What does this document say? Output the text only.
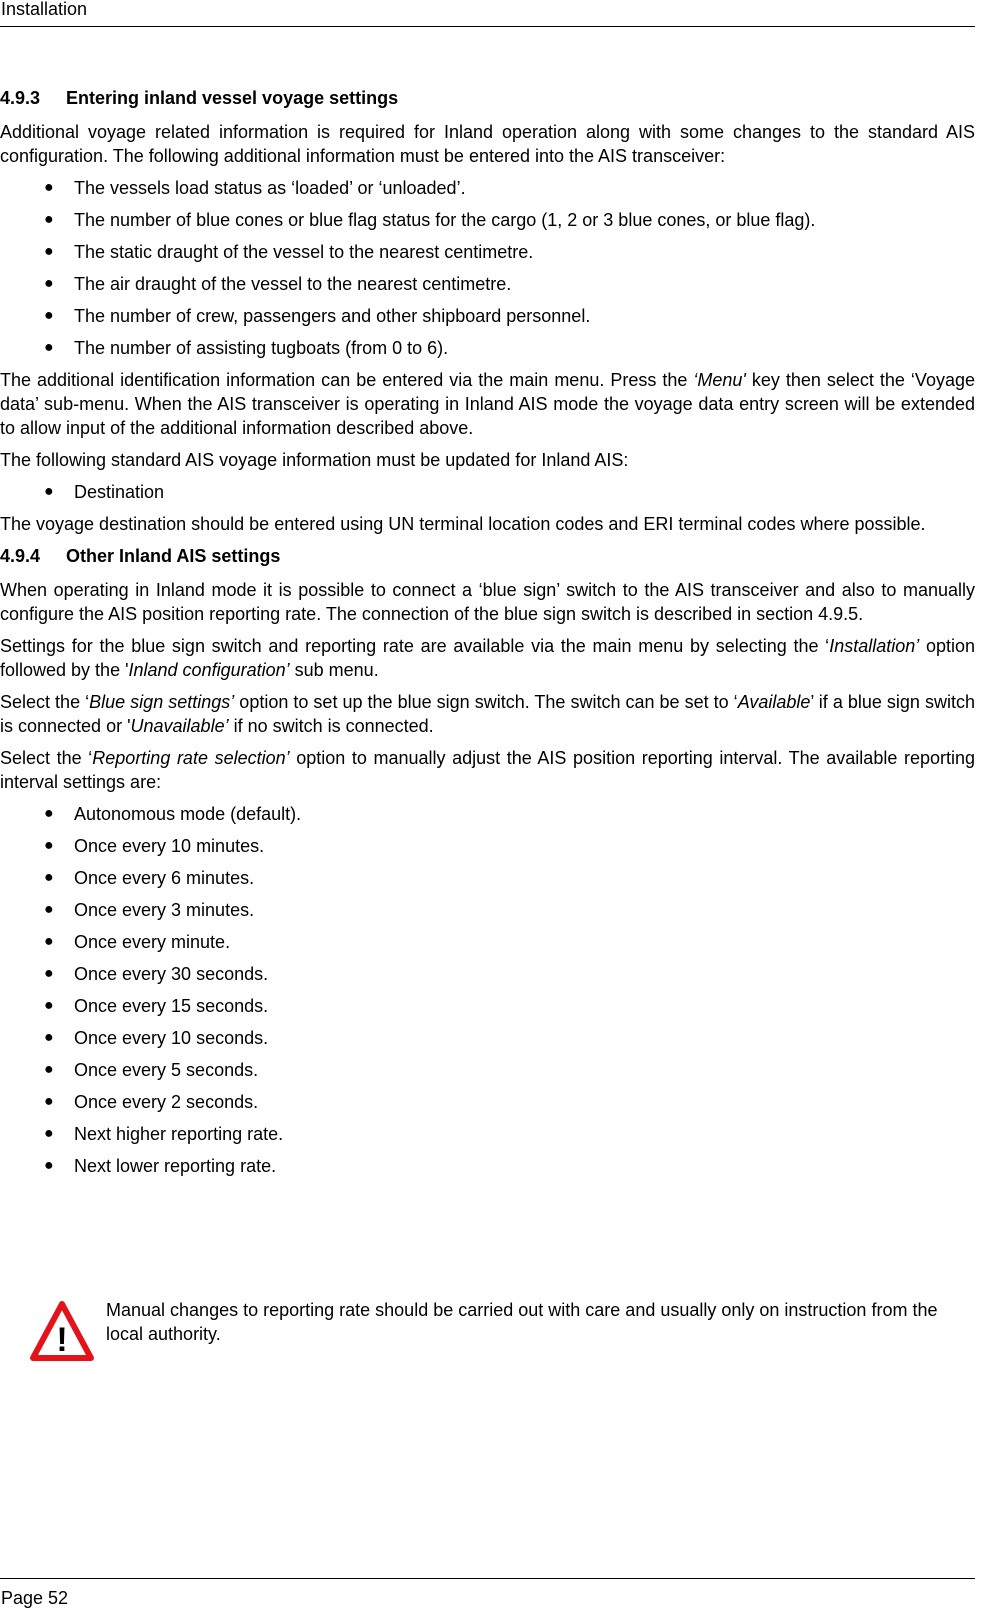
Installation
4.9.3 Entering inland vessel voyage settings

Additional voyage related information is required for Inland operation along with some changes to the standard AIS configuration. The following additional information must be entered into the AIS transceiver:

● The vessels load status as ‘loaded’ or ‘unloaded’.
● The number of blue cones or blue flag status for the cargo (1, 2 or 3 blue cones, or blue flag).
● The static draught of the vessel to the nearest centimetre.
● The air draught of the vessel to the nearest centimetre.
● The number of crew, passengers and other shipboard personnel.
● The number of assisting tugboats (from 0 to 6).

The additional identification information can be entered via the main menu. Press the ‘Menu' key then select the ‘Voyage data’ sub-menu. When the AIS transceiver is operating in Inland AIS mode the voyage data entry screen will be extended to allow input of the additional information described above.

The following standard AIS voyage information must be updated for Inland AIS:

● Destination

The voyage destination should be entered using UN terminal location codes and ERI terminal codes where possible.

4.9.4 Other Inland AIS settings

When operating in Inland mode it is possible to connect a ‘blue sign’ switch to the AIS transceiver and also to manually configure the AIS position reporting rate. The connection of the blue sign switch is described in section 4.9.5.

Settings for the blue sign switch and reporting rate are available via the main menu by selecting the ‘Installation’ option followed by the 'Inland configuration’ sub menu.

Select the ‘Blue sign settings’ option to set up the blue sign switch. The switch can be set to ‘Available’ if a blue sign switch is connected or 'Unavailable’ if no switch is connected.

Select the ‘Reporting rate selection’ option to manually adjust the AIS position reporting interval. The available reporting interval settings are:

● Autonomous mode (default).
● Once every 10 minutes.
● Once every 6 minutes.
● Once every 3 minutes.
● Once every minute.
● Once every 30 seconds.
● Once every 15 seconds.
● Once every 10 seconds.
● Once every 5 seconds.
● Once every 2 seconds.
● Next higher reporting rate.
● Next lower reporting rate.
!
Manual changes to reporting rate should be carried out with care and usually only on instruction from the local authority.
Page 52
